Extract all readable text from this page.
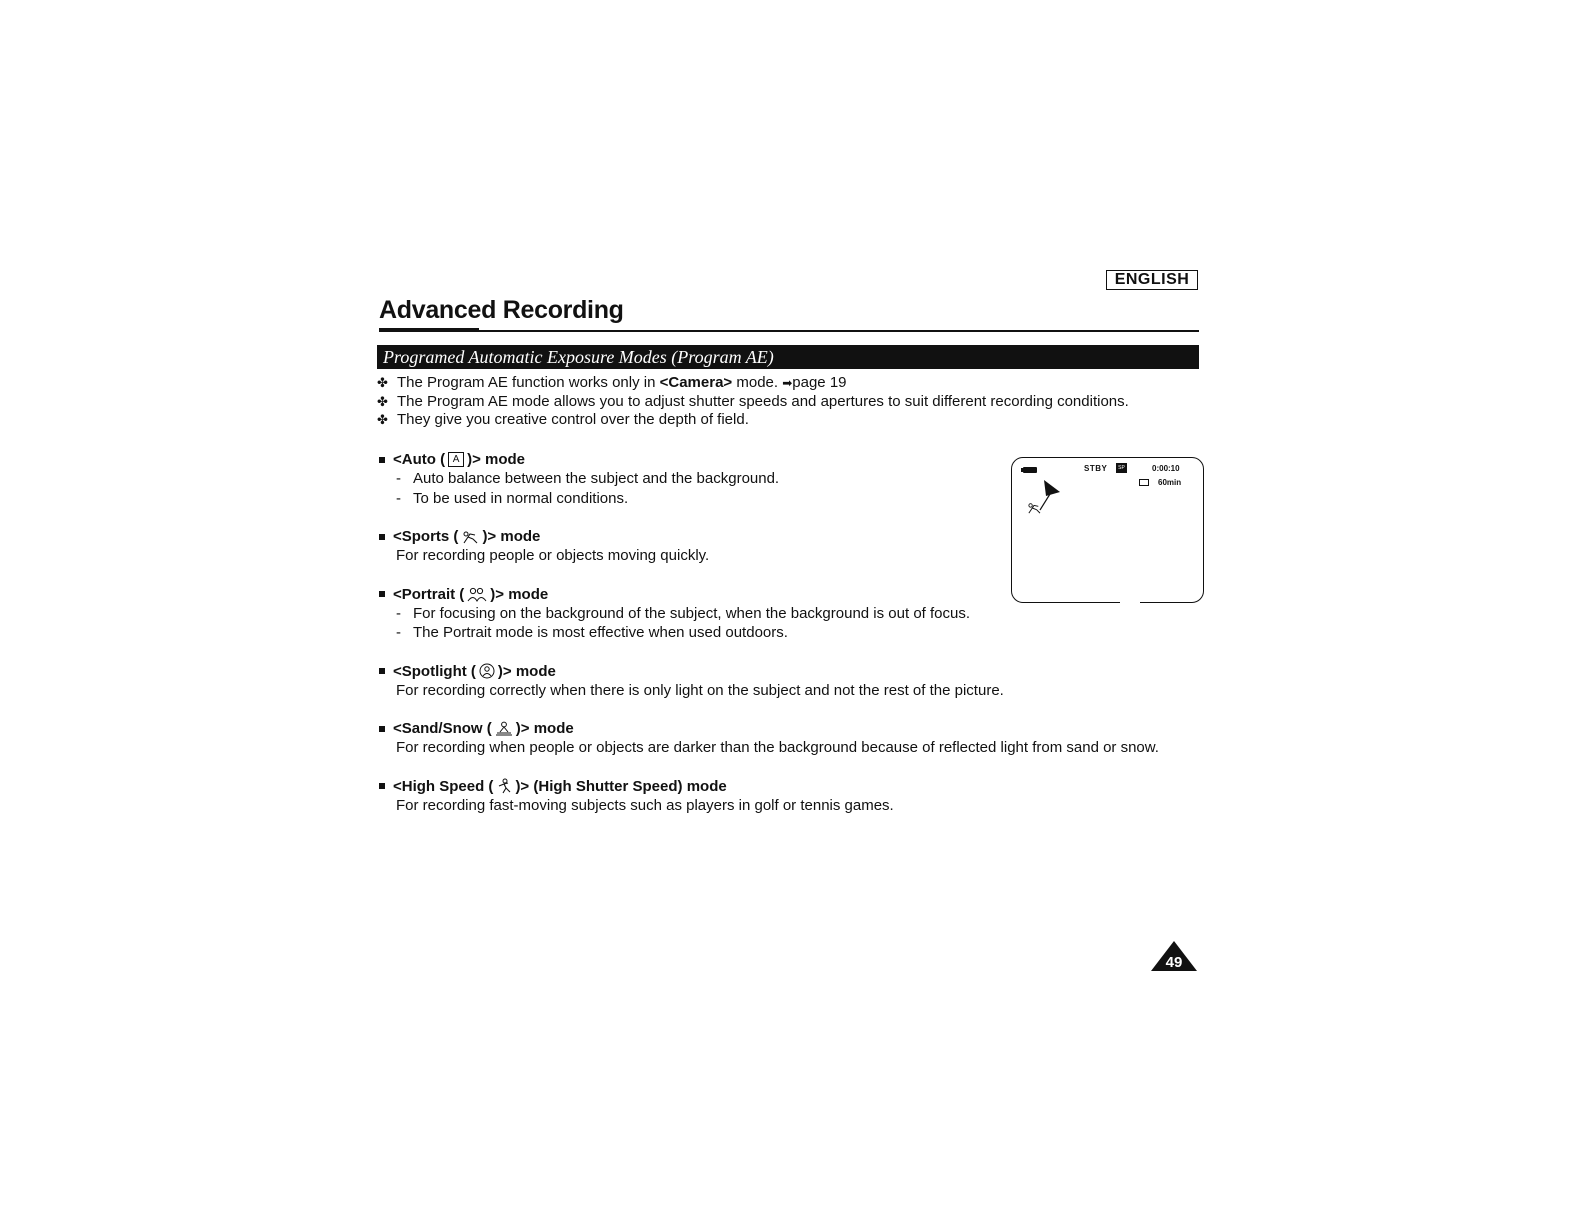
ENGLISH
Advanced Recording
Programed Automatic Exposure Modes (Program AE)
✤ The Program AE function works only in <Camera> mode. ➡page 19
✤ The Program AE mode allows you to adjust shutter speeds and apertures to suit different recording conditions.
✤ They give you creative control over the depth of field.
<Auto ( A )> mode
- Auto balance between the subject and the background.
- To be used in normal conditions.
<Sports ( )> mode
For recording people or objects moving quickly.
<Portrait ( )> mode
- For focusing on the background of the subject, when the background is out of focus.
- The Portrait mode is most effective when used outdoors.
<Spotlight ( )> mode
For recording correctly when there is only light on the subject and not the rest of the picture.
<Sand/Snow ( )> mode
For recording when people or objects are darker than the background because of reflected light from sand or snow.
<High Speed ( )> (High Shutter Speed) mode
For recording fast-moving subjects such as players in golf or tennis games.
STBY	SP	0:00:10
60min
49
